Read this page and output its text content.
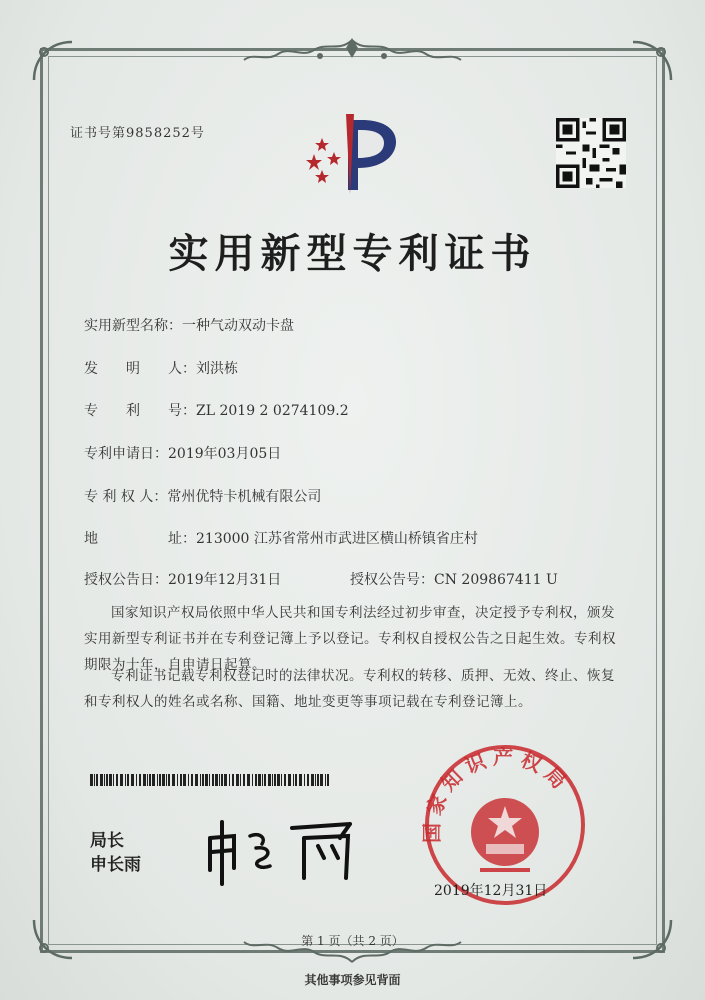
证书号第9858252号
实用新型专利证书
实用新型名称：一种气动双动卡盘
发　　明　　人：刘洪栋
专　　利　　号：ZL 2019 2 0274109.2
专利申请日：2019年03月05日
专 利 权 人：常州优特卡机械有限公司
地　　　　　址：213000 江苏省常州市武进区横山桥镇省庄村
授权公告日：2019年12月31日	授权公告号：CN 209867411 U
国家知识产权局依照中华人民共和国专利法经过初步审查，决定授予专利权，颁发实用新型专利证书并在专利登记簿上予以登记。专利权自授权公告之日起生效。专利权期限为十年，自申请日起算。
专利证书记载专利权登记时的法律状况。专利权的转移、质押、无效、终止、恢复和专利权人的姓名或名称、国籍、地址变更等事项记载在专利登记簿上。
局长
申长雨
国家知识产权局
2019年12月31日
第 1 页（共 2 页）
其他事项参见背面
